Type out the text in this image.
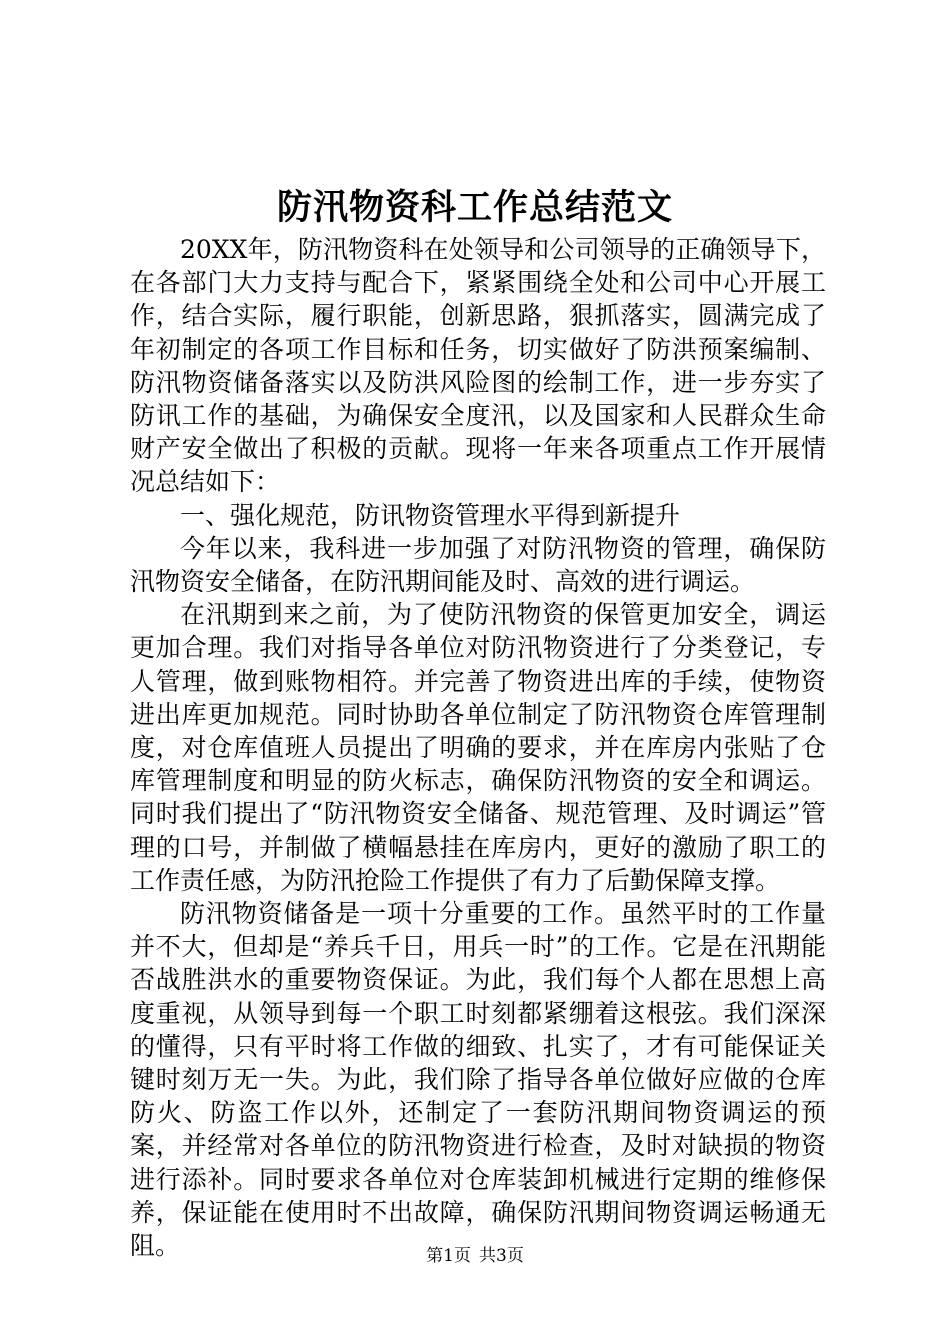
防汛物资科工作总结范文

20XX年，防汛物资科在处领导和公司领导的正确领导下，在各部门大力支持与配合下，紧紧围绕全处和公司中心开展工作，结合实际，履行职能，创新思路，狠抓落实，圆满完成了年初制定的各项工作目标和任务，切实做好了防洪预案编制、防汛物资储备落实以及防洪风险图的绘制工作，进一步夯实了防讯工作的基础，为确保安全度汛，以及国家和人民群众生命财产安全做出了积极的贡献。现将一年来各项重点工作开展情况总结如下：

一、强化规范，防讯物资管理水平得到新提升

今年以来，我科进一步加强了对防汛物资的管理，确保防汛物资安全储备，在防汛期间能及时、高效的进行调运。

在汛期到来之前，为了使防汛物资的保管更加安全，调运更加合理。我们对指导各单位对防汛物资进行了分类登记，专人管理，做到账物相符。并完善了物资进出库的手续，使物资进出库更加规范。同时协助各单位制定了防汛物资仓库管理制度，对仓库值班人员提出了明确的要求，并在库房内张贴了仓库管理制度和明显的防火标志，确保防汛物资的安全和调运。同时我们提出了“防汛物资安全储备、规范管理、及时调运”管理的口号，并制做了横幅悬挂在库房内，更好的激励了职工的工作责任感，为防汛抢险工作提供了有力了后勤保障支撑。

防汛物资储备是一项十分重要的工作。虽然平时的工作量并不大，但却是“养兵千日，用兵一时”的工作。它是在汛期能否战胜洪水的重要物资保证。为此，我们每个人都在思想上高度重视，从领导到每一个职工时刻都紧绷着这根弦。我们深深的懂得，只有平时将工作做的细致、扎实了，才有可能保证关键时刻万无一失。为此，我们除了指导各单位做好应做的仓库防火、防盗工作以外，还制定了一套防汛期间物资调运的预案，并经常对各单位的防汛物资进行检查，及时对缺损的物资进行添补。同时要求各单位对仓库装卸机械进行定期的维修保养，保证能在使用时不出故障，确保防汛期间物资调运畅通无阻。	第1页 共3页
